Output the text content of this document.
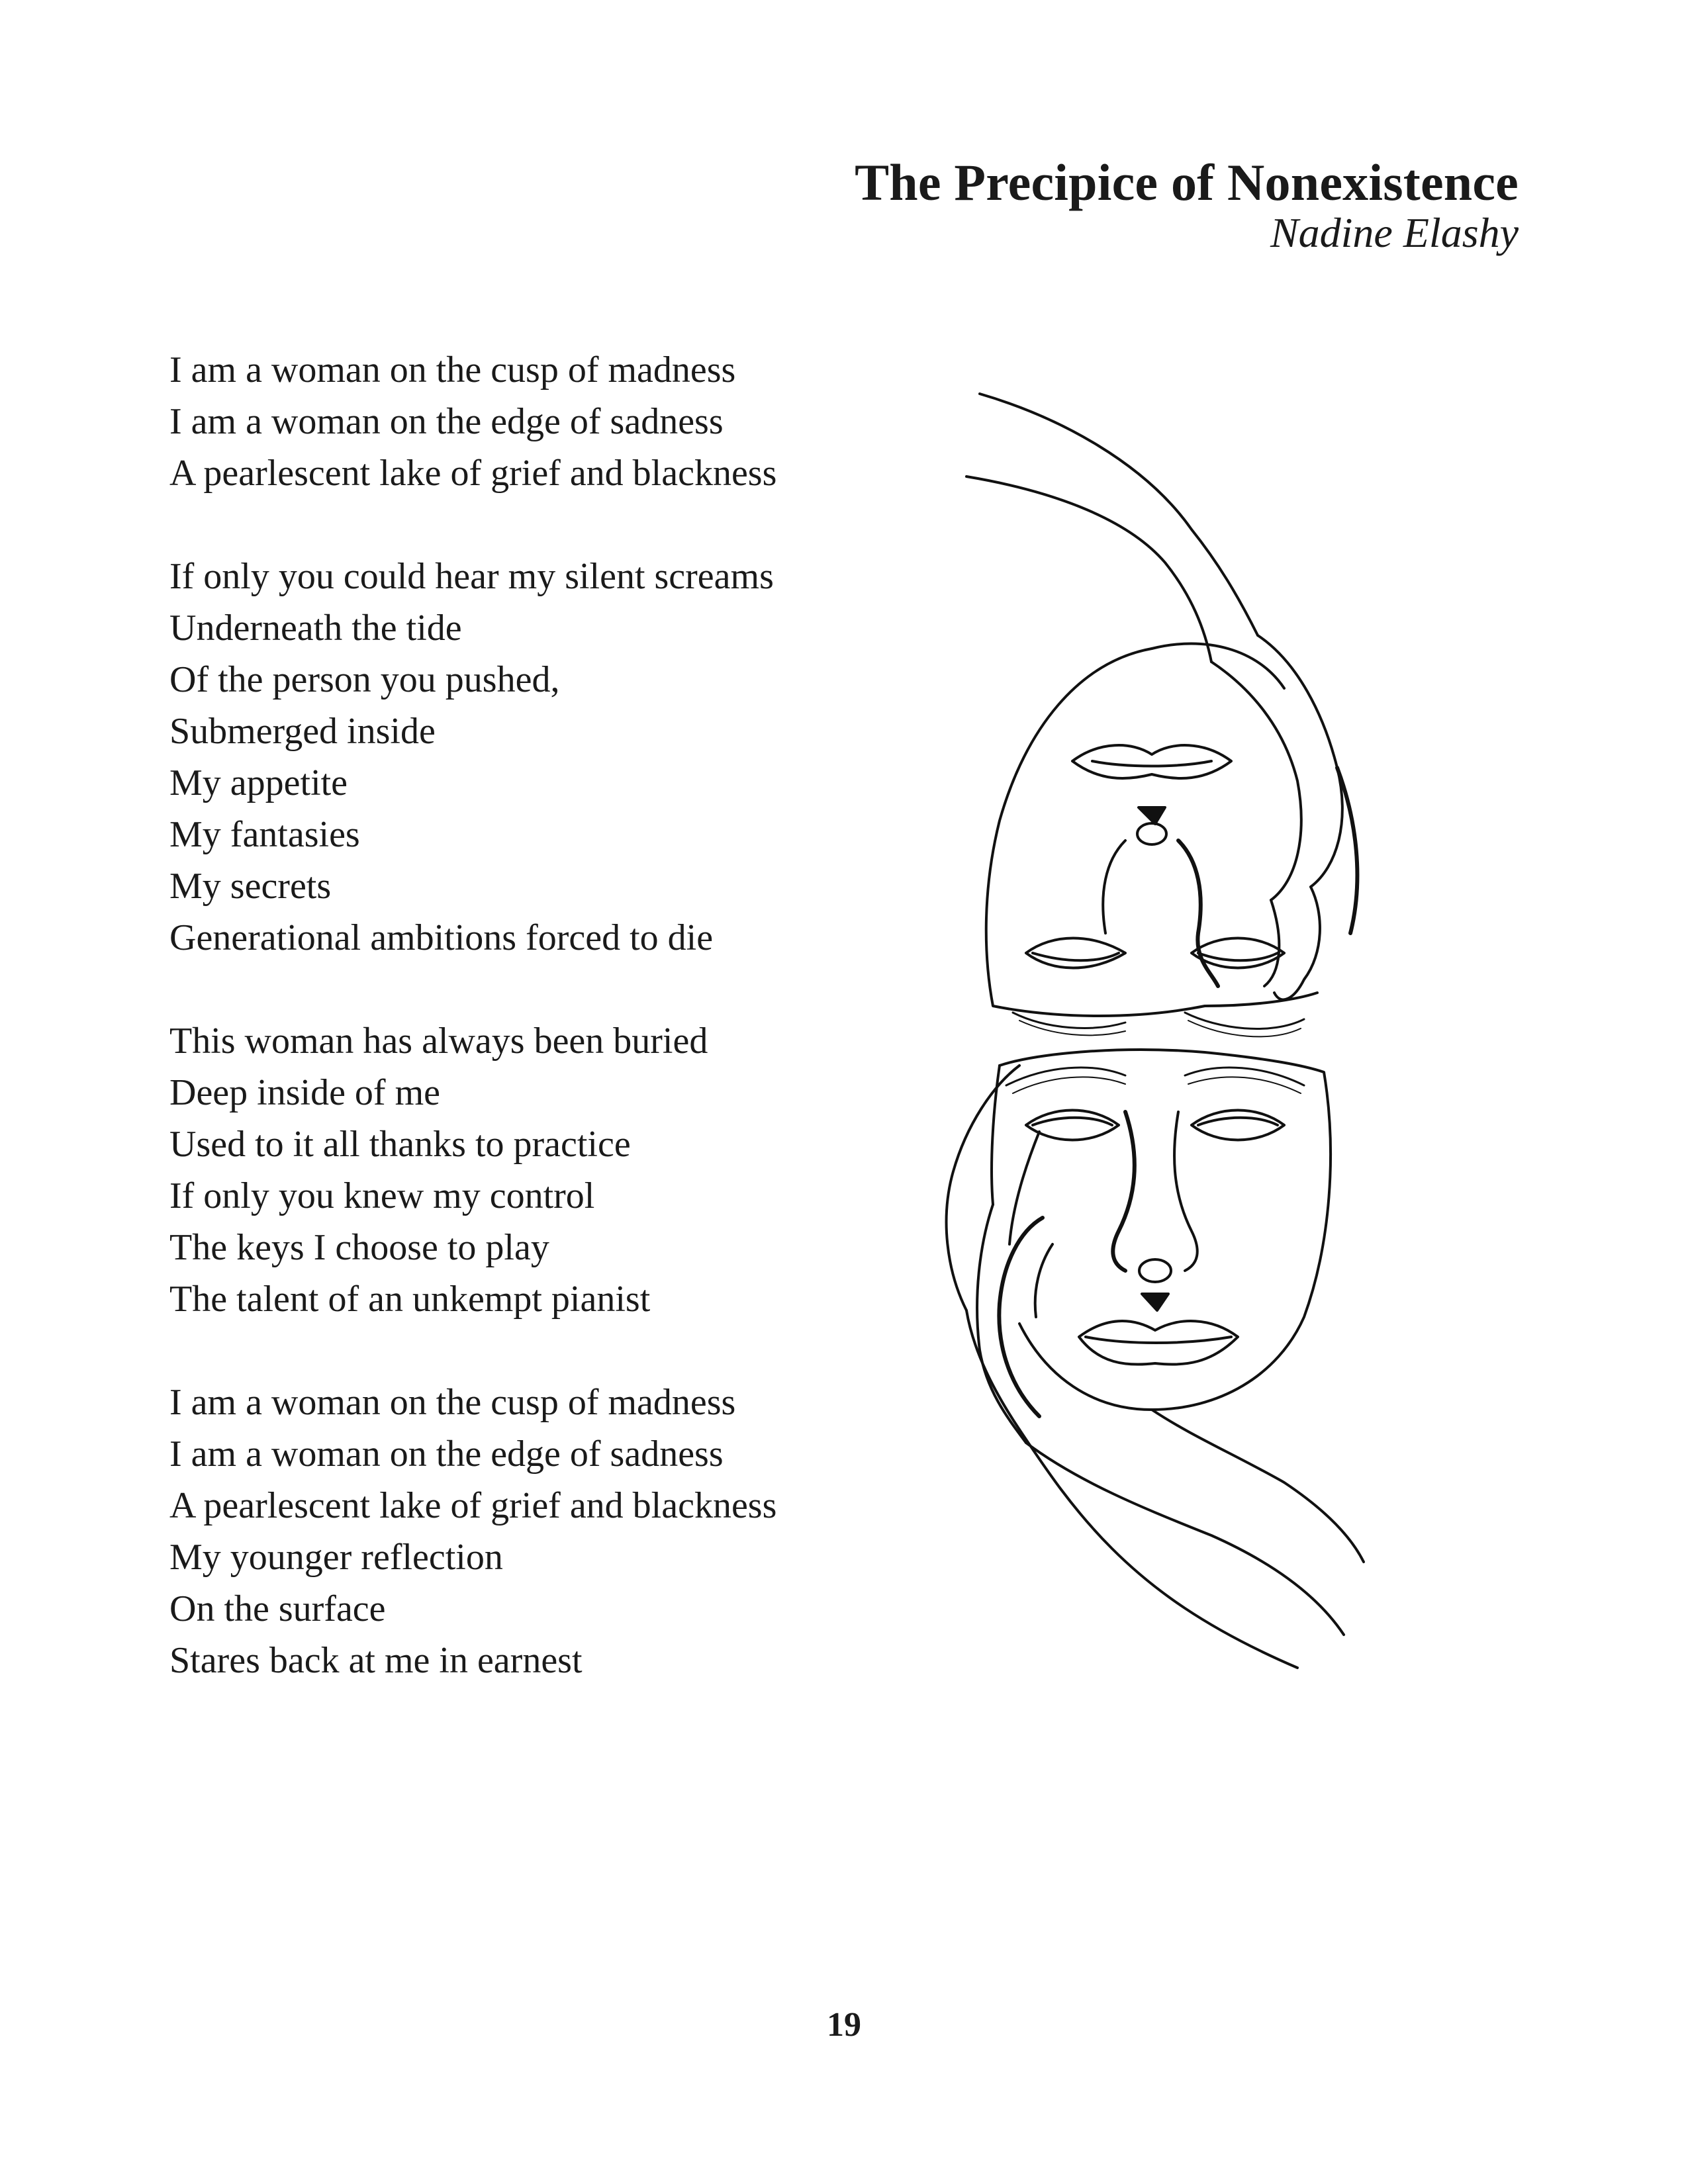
The Precipice of Nonexistence
Nadine Elashy
I am a woman on the cusp of madness
I am a woman on the edge of sadness
A pearlescent lake of grief and blackness
If only you could hear my silent screams
Underneath the tide
Of the person you pushed,
Submerged inside
My appetite
My fantasies
My secrets
Generational ambitions forced to die
This woman has always been buried
Deep inside of me
Used to it all thanks to practice
If only you knew my control
The keys I choose to play
The talent of an unkempt pianist
I am a woman on the cusp of madness
I am a woman on the edge of sadness
A pearlescent lake of grief and blackness
My younger reflection
On the surface
Stares back at me in earnest
19
